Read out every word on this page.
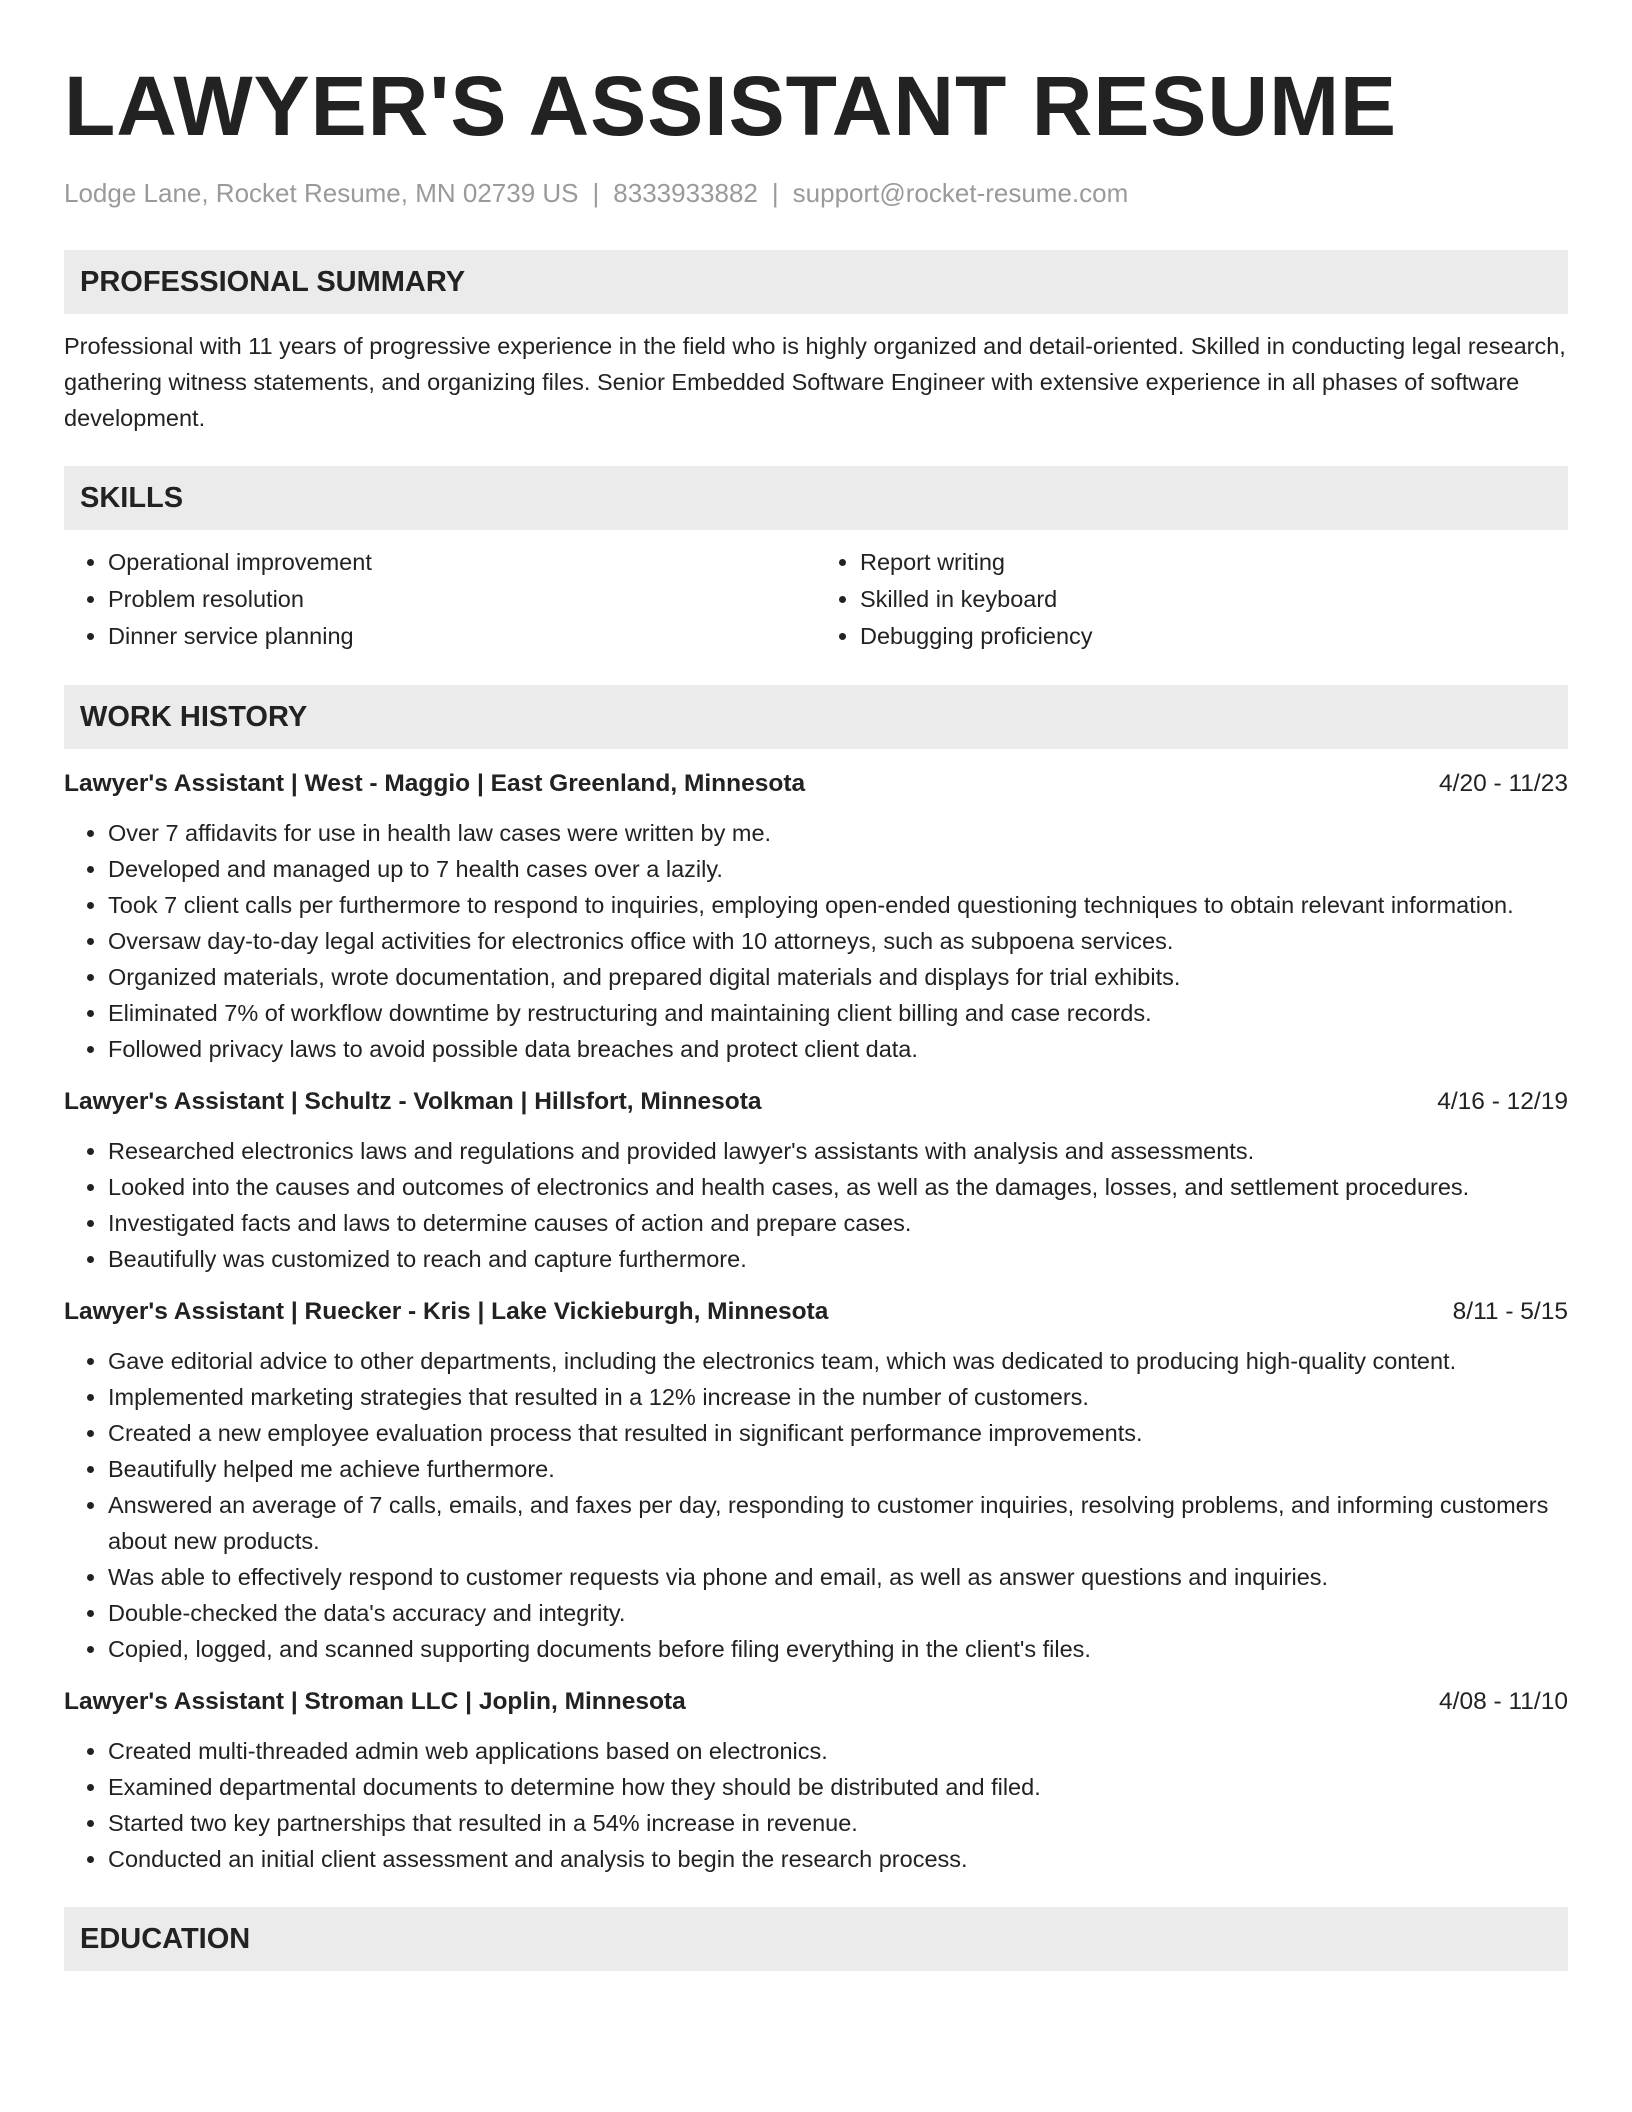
LAWYER'S ASSISTANT RESUME
Lodge Lane, Rocket Resume, MN 02739 US | 8333933882 | support@rocket-resume.com
PROFESSIONAL SUMMARY

Professional with 11 years of progressive experience in the field who is highly organized and detail-oriented. Skilled in conducting legal research, gathering witness statements, and organizing files. Senior Embedded Software Engineer with extensive experience in all phases of software development.

SKILLS
• Operational improvement
• Problem resolution
• Dinner service planning
• Report writing
• Skilled in keyboard
• Debugging proficiency
WORK HISTORY
Lawyer's Assistant | West - Maggio | East Greenland, Minnesota	4/20 - 11/23
• Over 7 affidavits for use in health law cases were written by me.
• Developed and managed up to 7 health cases over a lazily.
• Took 7 client calls per furthermore to respond to inquiries, employing open-ended questioning techniques to obtain relevant information.
• Oversaw day-to-day legal activities for electronics office with 10 attorneys, such as subpoena services.
• Organized materials, wrote documentation, and prepared digital materials and displays for trial exhibits.
• Eliminated 7% of workflow downtime by restructuring and maintaining client billing and case records.
• Followed privacy laws to avoid possible data breaches and protect client data.
Lawyer's Assistant | Schultz - Volkman | Hillsfort, Minnesota	4/16 - 12/19
• Researched electronics laws and regulations and provided lawyer's assistants with analysis and assessments.
• Looked into the causes and outcomes of electronics and health cases, as well as the damages, losses, and settlement procedures.
• Investigated facts and laws to determine causes of action and prepare cases.
• Beautifully was customized to reach and capture furthermore.
Lawyer's Assistant | Ruecker - Kris | Lake Vickieburgh, Minnesota	8/11 - 5/15
• Gave editorial advice to other departments, including the electronics team, which was dedicated to producing high-quality content.
• Implemented marketing strategies that resulted in a 12% increase in the number of customers.
• Created a new employee evaluation process that resulted in significant performance improvements.
• Beautifully helped me achieve furthermore.
• Answered an average of 7 calls, emails, and faxes per day, responding to customer inquiries, resolving problems, and informing customers about new products.
• Was able to effectively respond to customer requests via phone and email, as well as answer questions and inquiries.
• Double-checked the data's accuracy and integrity.
• Copied, logged, and scanned supporting documents before filing everything in the client's files.
Lawyer's Assistant | Stroman LLC | Joplin, Minnesota	4/08 - 11/10
• Created multi-threaded admin web applications based on electronics.
• Examined departmental documents to determine how they should be distributed and filed.
• Started two key partnerships that resulted in a 54% increase in revenue.
• Conducted an initial client assessment and analysis to begin the research process.
EDUCATION
